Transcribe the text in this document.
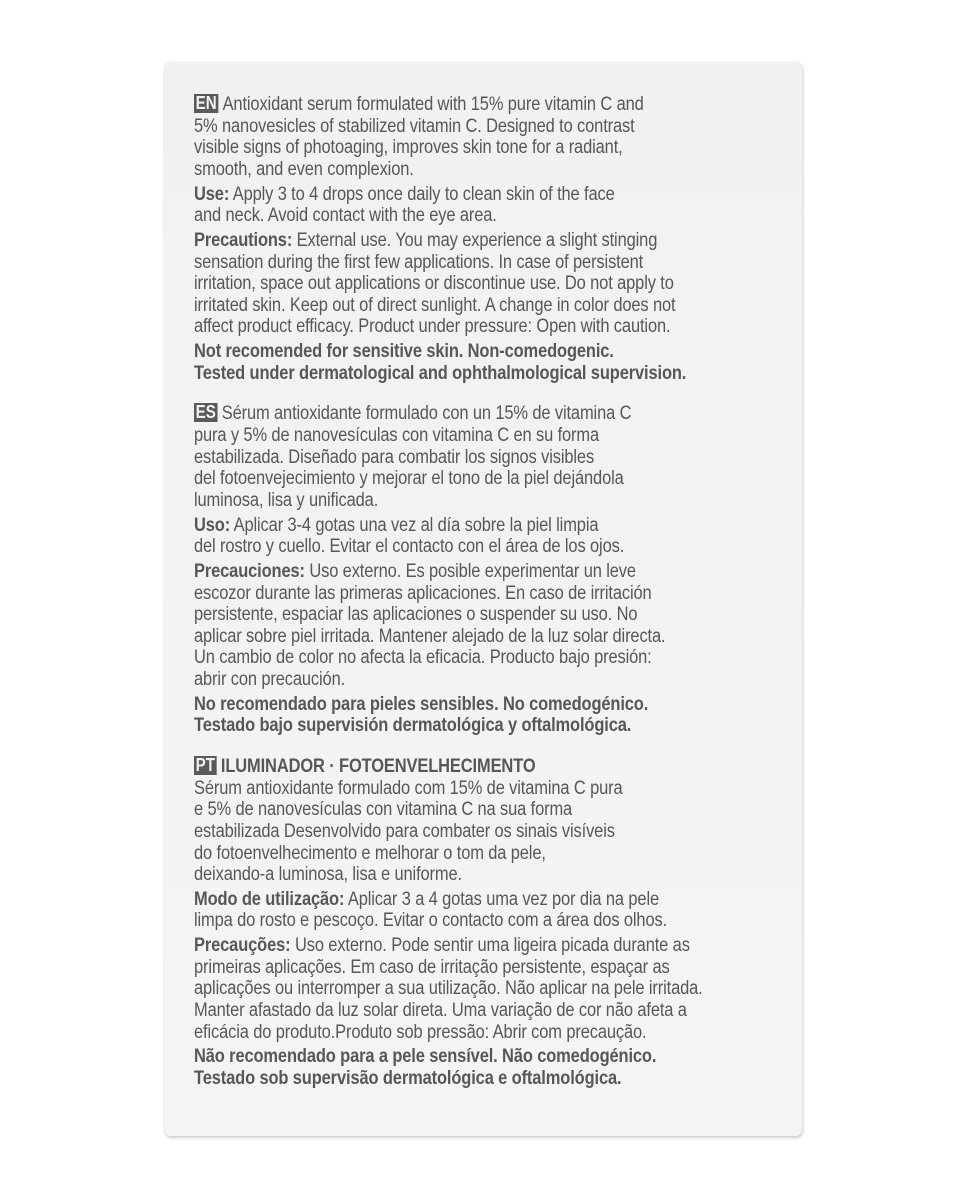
EN Antioxidant serum formulated with 15% pure vitamin C and
5% nanovesicles of stabilized vitamin C. Designed to contrast
visible signs of photoaging, improves skin tone for a radiant,
smooth, and even complexion.
Use: Apply 3 to 4 drops once daily to clean skin of the face
and neck. Avoid contact with the eye area.
Precautions: External use. You may experience a slight stinging
sensation during the first few applications. In case of persistent
irritation, space out applications or discontinue use. Do not apply to
irritated skin. Keep out of direct sunlight. A change in color does not
affect product efficacy. Product under pressure: Open with caution.
Not recomended for sensitive skin. Non-comedogenic.
Tested under dermatological and ophthalmological supervision.
ES Sérum antioxidante formulado con un 15% de vitamina C
pura y 5% de nanovesículas con vitamina C en su forma
estabilizada. Diseñado para combatir los signos visibles
del fotoenvejecimiento y mejorar el tono de la piel dejándola
luminosa, lisa y unificada.
Uso: Aplicar 3-4 gotas una vez al día sobre la piel limpia
del rostro y cuello. Evitar el contacto con el área de los ojos.
Precauciones: Uso externo. Es posible experimentar un leve
escozor durante las primeras aplicaciones. En caso de irritación
persistente, espaciar las aplicaciones o suspender su uso. No
aplicar sobre piel irritada. Mantener alejado de la luz solar directa.
Un cambio de color no afecta la eficacia. Producto bajo presión:
abrir con precaución.
No recomendado para pieles sensibles. No comedogénico.
Testado bajo supervisión dermatológica y oftalmológica.
PT ILUMINADOR · FOTOENVELHECIMENTO
Sérum antioxidante formulado com 15% de vitamina C pura
e 5% de nanovesículas con vitamina C na sua forma
estabilizada Desenvolvido para combater os sinais visíveis
do fotoenvelhecimento e melhorar o tom da pele,
deixando-a luminosa, lisa e uniforme.
Modo de utilização: Aplicar 3 a 4 gotas uma vez por dia na pele
limpa do rosto e pescoço. Evitar o contacto com a área dos olhos.
Precauções: Uso externo. Pode sentir uma ligeira picada durante as
primeiras aplicações. Em caso de irritação persistente, espaçar as
aplicações ou interromper a sua utilização. Não aplicar na pele irritada.
Manter afastado da luz solar direta. Uma variação de cor não afeta a
eficácia do produto.Produto sob pressão: Abrir com precaução.
Não recomendado para a pele sensível. Não comedogénico.
Testado sob supervisão dermatológica e oftalmológica.
